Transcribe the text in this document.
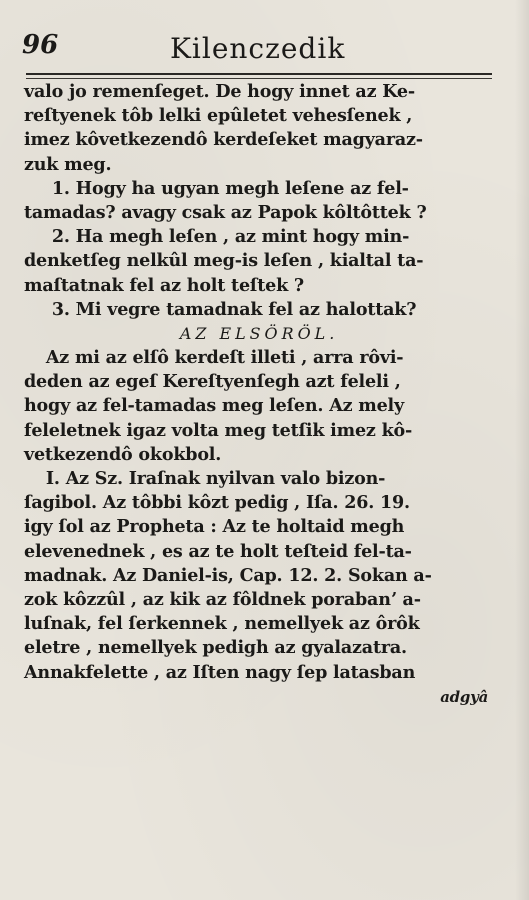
96	Kilenczedik
valo jo remenſeget. De hogy innet az Ke-
reſtyenek tôb lelki epûletet vehesſenek ,
imez kôvetkezendô kerdeſeket magyaraz-
zuk meg.
1. Hogy ha ugyan megh leſene az fel-
tamadas? avagy csak az Papok kôltôttek ?
2. Ha megh leſen , az mint hogy min-
denketſeg nelkûl meg-is leſen , kialtal ta-
maſtatnak fel az holt teſtek ?
3. Mi vegre tamadnak fel az halottak?
AZ ELSÖRÖL.
Az mi az elſô kerdeſt illeti , arra rôvi-
deden az egeſ Kereſtyenſegh azt feleli ,
hogy az fel-tamadas meg leſen. Az mely
feleletnek igaz volta meg tetſik imez kô-
vetkezendô okokbol.
I. Az Sz. Iraſnak nyilvan valo bizon-
ſagibol. Az tôbbi kôzt pedig , Iſa. 26. 19.
igy ſol az Propheta : Az te holtaid megh
elevenednek , es az te holt teſteid fel-ta-
madnak. Az Daniel-is, Cap. 12. 2. Sokan a-
zok kôzzûl , az kik az fôldnek porabanʼ a-
luſnak, fel ſerkennek , nemellyek az ôrôk
eletre , nemellyek pedigh az gyalazatra.
Annakfelette , az Iſten nagy ſep latasban
adgyâ
